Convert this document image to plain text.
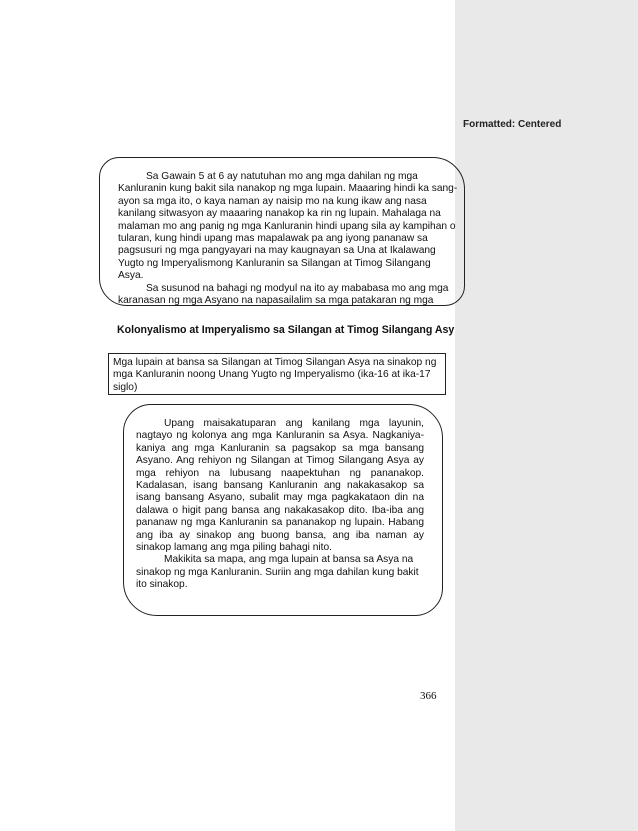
Formatted: Centered

Sa Gawain 5 at 6 ay natutuhan mo ang mga dahilan ng mga Kanluranin kung bakit sila nanakop ng mga lupain. Maaaring hindi ka sang-ayon sa mga ito, o kaya naman ay naisip mo na kung ikaw ang nasa kanilang sitwasyon ay maaaring nanakop ka rin ng lupain. Mahalaga na malaman mo ang panig ng mga Kanluranin hindi upang sila ay kampihan o tularan, kung hindi upang mas mapalawak pa ang iyong pananaw sa pagsusuri ng mga pangyayari na may kaugnayan sa Una at Ikalawang Yugto ng Imperyalismong Kanluranin sa Silangan at Timog Silangang Asya.

Sa susunod na bahagi ng modyul na ito ay mababasa mo ang mga karanasan ng mga Asyano na napasailalim sa mga patakaran ng mga

Kolonyalismo at Imperyalismo sa Silangan at Timog Silangang Asy
Mga lupain at bansa sa Silangan at Timog Silangan Asya na sinakop ng mga Kanluranin noong Unang Yugto ng Imperyalismo (ika-16 at ika-17 siglo)

Upang maisakatuparan ang kanilang mga layunin, nagtayo ng kolonya ang mga Kanluranin sa Asya. Nagkaniya-kaniya ang mga Kanluranin sa pagsakop sa mga bansang Asyano. Ang rehiyon ng Silangan at Timog Silangang Asya ay mga rehiyon na lubusang naapektuhan ng pananakop. Kadalasan, isang bansang Kanluranin ang nakakasakop sa isang bansang Asyano, subalit may mga pagkakataon din na dalawa o higit pang bansa ang nakakasakop dito. Iba-iba ang pananaw ng mga Kanluranin sa pananakop ng lupain. Habang ang iba ay sinakop ang buong bansa, ang iba naman ay sinakop lamang ang mga piling bahagi nito.

Makikita sa mapa, ang mga lupain at bansa sa Asya na sinakop ng mga Kanluranin. Suriin ang mga dahilan kung bakit ito sinakop.

366
